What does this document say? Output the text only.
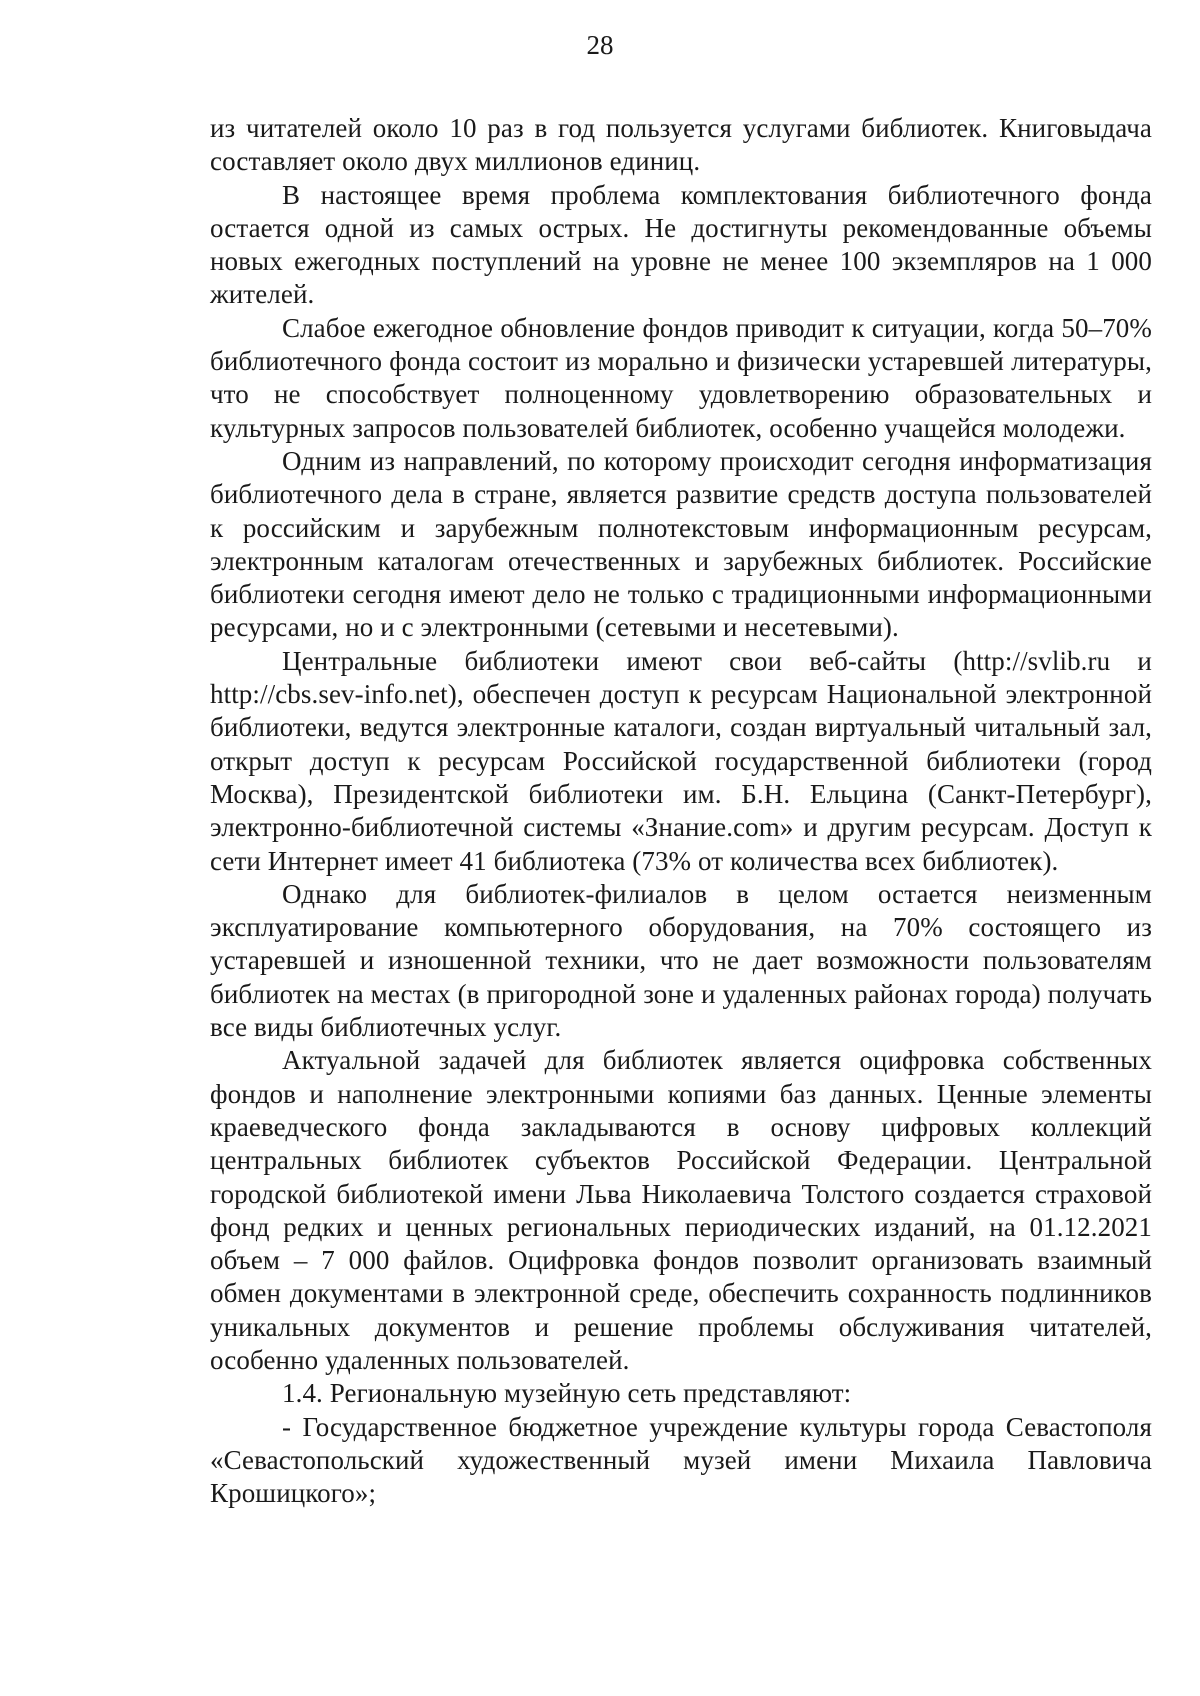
28

из читателей около 10 раз в год пользуется услугами библиотек. Книговыдача составляет около двух миллионов единиц.

В настоящее время проблема комплектования библиотечного фонда остается одной из самых острых. Не достигнуты рекомендованные объемы новых ежегодных поступлений на уровне не менее 100 экземпляров на 1 000 жителей.

Слабое ежегодное обновление фондов приводит к ситуации, когда 50–70% библиотечного фонда состоит из морально и физически устаревшей литературы, что не способствует полноценному удовлетворению образовательных и культурных запросов пользователей библиотек, особенно учащейся молодежи.

Одним из направлений, по которому происходит сегодня информатизация библиотечного дела в стране, является развитие средств доступа пользователей к российским и зарубежным полнотекстовым информационным ресурсам, электронным каталогам отечественных и зарубежных библиотек. Российские библиотеки сегодня имеют дело не только с традиционными информационными ресурсами, но и с электронными (сетевыми и несетевыми).

Центральные библиотеки имеют свои веб-сайты (http://svlib.ru и http://cbs.sev-info.net), обеспечен доступ к ресурсам Национальной электронной библиотеки, ведутся электронные каталоги, создан виртуальный читальный зал, открыт доступ к ресурсам Российской государственной библиотеки (город Москва), Президентской библиотеки им. Б.Н. Ельцина (Санкт-Петербург), электронно-библиотечной системы «Знание.com» и другим ресурсам. Доступ к сети Интернет имеет 41 библиотека (73% от количества всех библиотек).

Однако для библиотек-филиалов в целом остается неизменным эксплуатирование компьютерного оборудования, на 70% состоящего из устаревшей и изношенной техники, что не дает возможности пользователям библиотек на местах (в пригородной зоне и удаленных районах города) получать все виды библиотечных услуг.

Актуальной задачей для библиотек является оцифровка собственных фондов и наполнение электронными копиями баз данных. Ценные элементы краеведческого фонда закладываются в основу цифровых коллекций центральных библиотек субъектов Российской Федерации. Центральной городской библиотекой имени Льва Николаевича Толстого создается страховой фонд редких и ценных региональных периодических изданий, на 01.12.2021 объем – 7 000 файлов. Оцифровка фондов позволит организовать взаимный обмен документами в электронной среде, обеспечить сохранность подлинников уникальных документов и решение проблемы обслуживания читателей, особенно удаленных пользователей.

1.4. Региональную музейную сеть представляют:

- Государственное бюджетное учреждение культуры города Севастополя «Севастопольский художественный музей имени Михаила Павловича Крошицкого»;
